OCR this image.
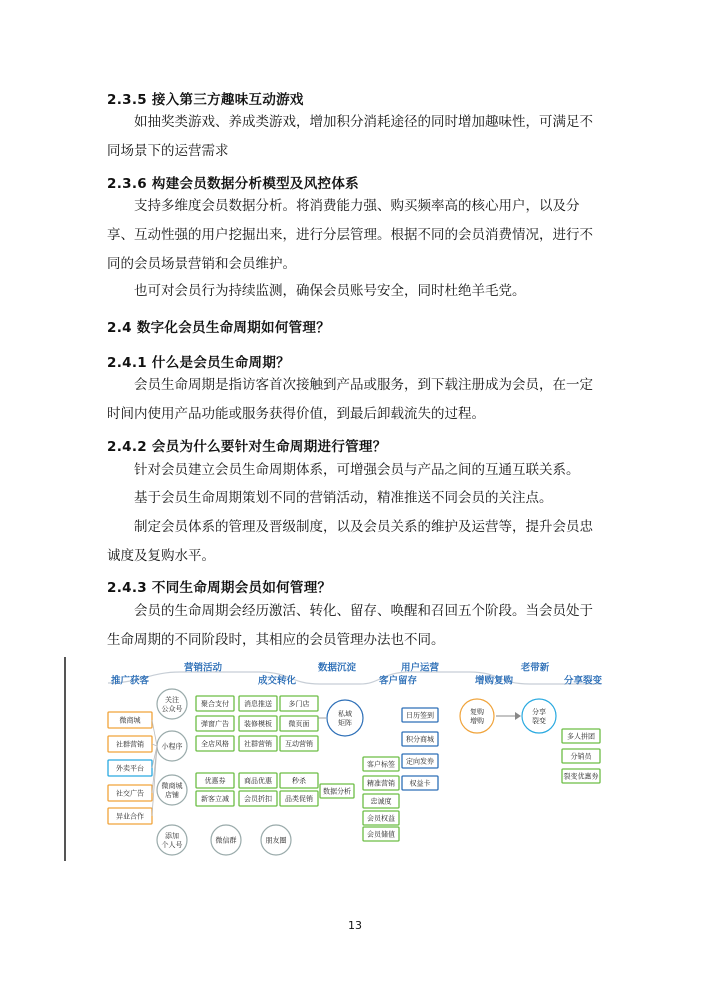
2.3.5 接入第三方趣味互动游戏
如抽奖类游戏、养成类游戏，增加积分消耗途径的同时增加趣味性，可满足不同场景下的运营需求
2.3.6 构建会员数据分析模型及风控体系
支持多维度会员数据分析。将消费能力强、购买频率高的核心用户，以及分享、互动性强的用户挖掘出来，进行分层管理。根据不同的会员消费情况，进行不同的会员场景营销和会员维护。
也可对会员行为持续监测，确保会员账号安全，同时杜绝羊毛党。
2.4 数字化会员生命周期如何管理？
2.4.1 什么是会员生命周期？
会员生命周期是指访客首次接触到产品或服务，到下载注册成为会员，在一定时间内使用产品功能或服务获得价值，到最后卸载流失的过程。
2.4.2 会员为什么要针对生命周期进行管理？
针对会员建立会员生命周期体系，可增强会员与产品之间的互通互联关系。
基于会员生命周期策划不同的营销活动，精准推送不同会员的关注点。
制定会员体系的管理及晋级制度，以及会员关系的维护及运营等，提升会员忠诚度及复购水平。
2.4.3 不同生命周期会员如何管理？
会员的生命周期会经历激活、转化、留存、唤醒和召回五个阶段。当会员处于生命周期的不同阶段时，其相应的会员管理办法也不同。
营销活动	数据沉淀	用户运营	老带新
推广获客	成交转化	客户留存	增购复购	分享裂变
微商城
社群营销
外卖平台
社交广告
异业合作
关注公众号
小程序
微商城店铺
添加个人号
聚合支付 消息推送 多门店
弹窗广告 装修模板 微页面
全店风格 社群营销 互动营销
私域矩阵
优惠券	商品优惠	秒杀
新客立减 会员折扣 品类促销
数据分析
微信群	朋友圈
客户标签
精准营销
忠诚度
会员权益
会员储值
日历签到
积分商城
定向发券
权益卡
复购增购
分享裂变
多人拼团
分销员
裂变优惠券
13
